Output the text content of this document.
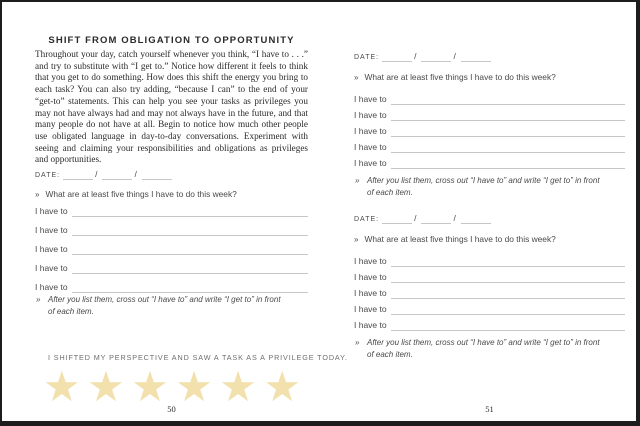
SHIFT FROM OBLIGATION TO OPPORTUNITY

Throughout your day, catch yourself whenever you think, “I have to . . .” and try to substitute with “I get to.” Notice how different it feels to think that you get to do something. How does this shift the energy you bring to each task? You can also try adding, “because I can” to the end of your “get-to” statements. This can help you see your tasks as privileges you may not have always had and may not always have in the future, and that many people do not have at all. Begin to notice how much other people use obligated language in day-to-day conversations. Experiment with seeing and claiming your responsibilities and obligations as privileges and opportunities.

DATE:	/	/
» What are at least five things I have to do this week?
I have to
I have to
I have to
I have to
I have to
» After you list them, cross out “I have to” and write “I get to” in front of each item.
I SHIFTED MY PERSPECTIVE AND SAW A TASK AS A PRIVILEGE TODAY.
★ ★ ★ ★ ★ ★
50
DATE:	/	/
» What are at least five things I have to do this week?
I have to
I have to
I have to
I have to
I have to
» After you list them, cross out “I have to” and write “I get to” in front of each item.
DATE:	/	/
» What are at least five things I have to do this week?
I have to
I have to
I have to
I have to
I have to
» After you list them, cross out “I have to” and write “I get to” in front of each item.
51
